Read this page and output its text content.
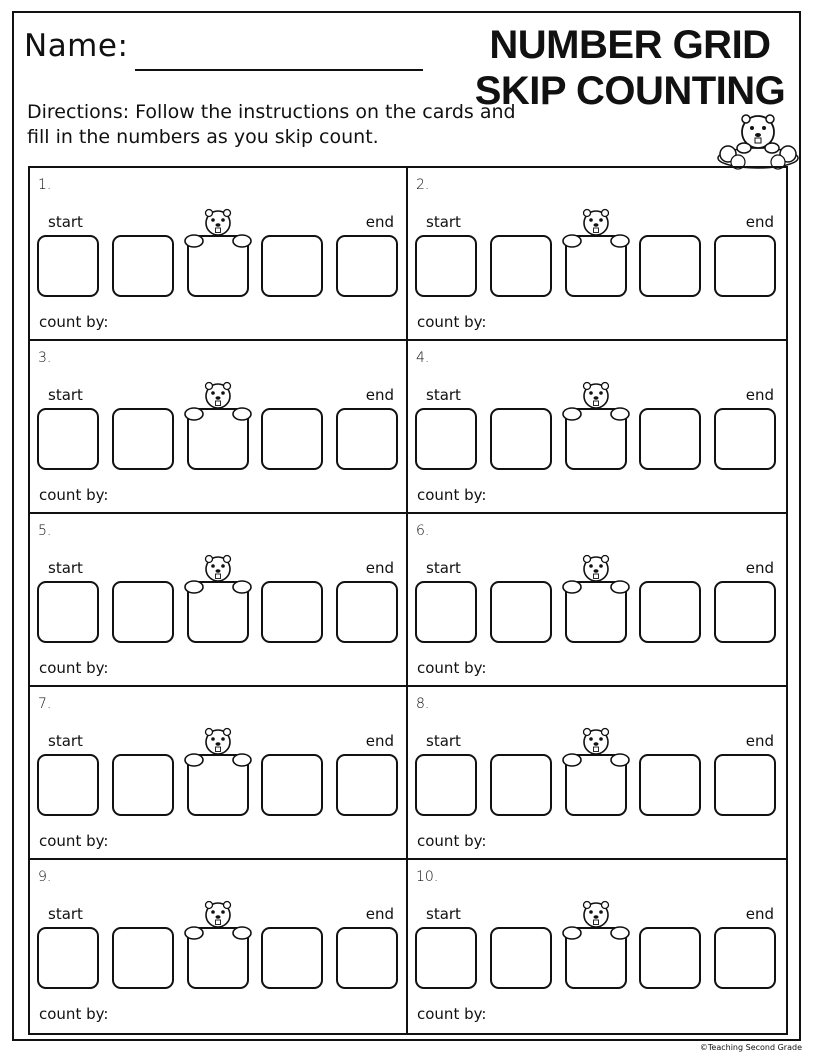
Name:	NUMBER GRID
SKIP COUNTING
Directions: Follow the instructions on the cards and fill in the numbers as you skip count.
1.
start	end
count by:
2.
start	end
count by:
3.
start	end
count by:
4.
start	end
count by:
5.
start	end
count by:
6.
start	end
count by:
7.
start	end
count by:
8.
start	end
count by:
9.
start	end
count by:
10.
start	end
count by:
©Teaching Second Grade
